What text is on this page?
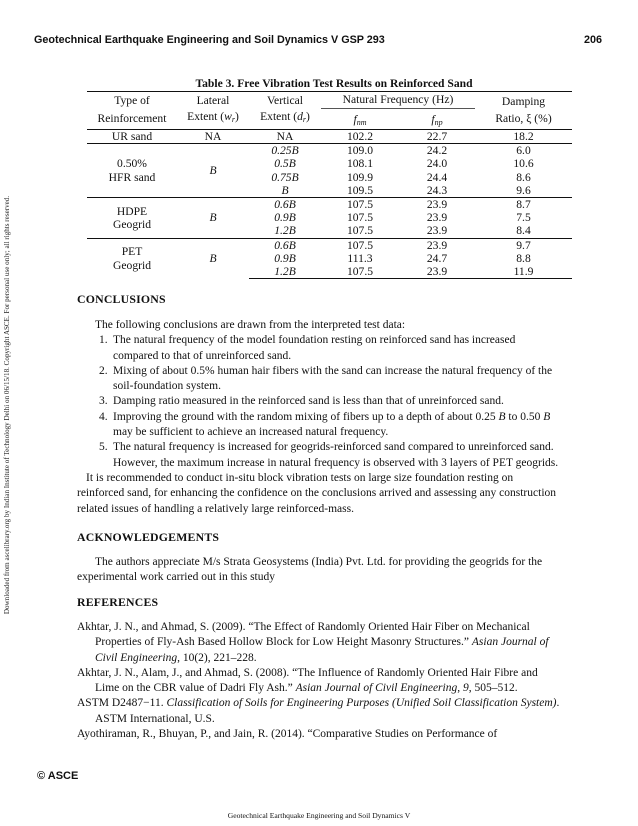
Geotechnical Earthquake Engineering and Soil Dynamics V GSP 293	206
Downloaded from ascelibrary.org by Indian Institute of Technology Delhi on 06/15/18. Copyright ASCE. For personal use only; all rights reserved.
Table 3. Free Vibration Test Results on Reinforced Sand
Type of	Lateral	Vertical	Natural Frequency (Hz)		Damping
Reinforcement	Extent $(w_r)$	Extent $(d_r)$	$f_{nm}$	$f_{np}$	Ratio, ξ (%)
UR sand	NA	NA	102.2	22.7	18.2
0.50%
HFR sand	B	0.25B	109.0	24.2	6.0
		0.5B	108.1	24.0	10.6
		0.75B	109.9	24.4	8.6
		B	109.5	24.3	9.6
HDPE
Geogrid	B	0.6B	107.5	23.9	8.7
		0.9B	107.5	23.9	7.5
		1.2B	107.5	23.9	8.4
PET
Geogrid	B	0.6B	107.5	23.9	9.7
		0.9B	111.3	24.7	8.8
		1.2B	107.5	23.9	11.9
CONCLUSIONS

The following conclusions are drawn from the interpreted test data:

1. The natural frequency of the model foundation resting on reinforced sand has increased compared to that of unreinforced sand.
2. Mixing of about 0.5% human hair fibers with the sand can increase the natural frequency of the soil-foundation system.
3. Damping ratio measured in the reinforced sand is less than that of unreinforced sand.
4. Improving the ground with the random mixing of fibers up to a depth of about 0.25 B to 0.50 B may be sufficient to achieve an increased natural frequency.
5. The natural frequency is increased for geogrids-reinforced sand compared to unreinforced sand. However, the maximum increase in natural frequency is observed with 3 layers of PET geogrids.

It is recommended to conduct in-situ block vibration tests on large size foundation resting on reinforced sand, for enhancing the confidence on the conclusions arrived and assessing any construction related issues of handling a relatively large reinforced-mass.

ACKNOWLEDGEMENTS

The authors appreciate M/s Strata Geosystems (India) Pvt. Ltd. for providing the geogrids for the experimental work carried out in this study

REFERENCES

Akhtar, J. N., and Ahmad, S. (2009). “The Effect of Randomly Oriented Hair Fiber on Mechanical Properties of Fly-Ash Based Hollow Block for Low Height Masonry Structures.” Asian Journal of Civil Engineering, 10(2), 221–228.

Akhtar, J. N., Alam, J., and Ahmad, S. (2008). “The Influence of Randomly Oriented Hair Fibre and Lime on the CBR value of Dadri Fly Ash.” Asian Journal of Civil Engineering, 9, 505–512.

ASTM D2487−11. Classification of Soils for Engineering Purposes (Unified Soil Classification System). ASTM International, U.S.

Ayothiraman, R., Bhuyan, P., and Jain, R. (2014). “Comparative Studies on Performance of

© ASCE
Geotechnical Earthquake Engineering and Soil Dynamics V
